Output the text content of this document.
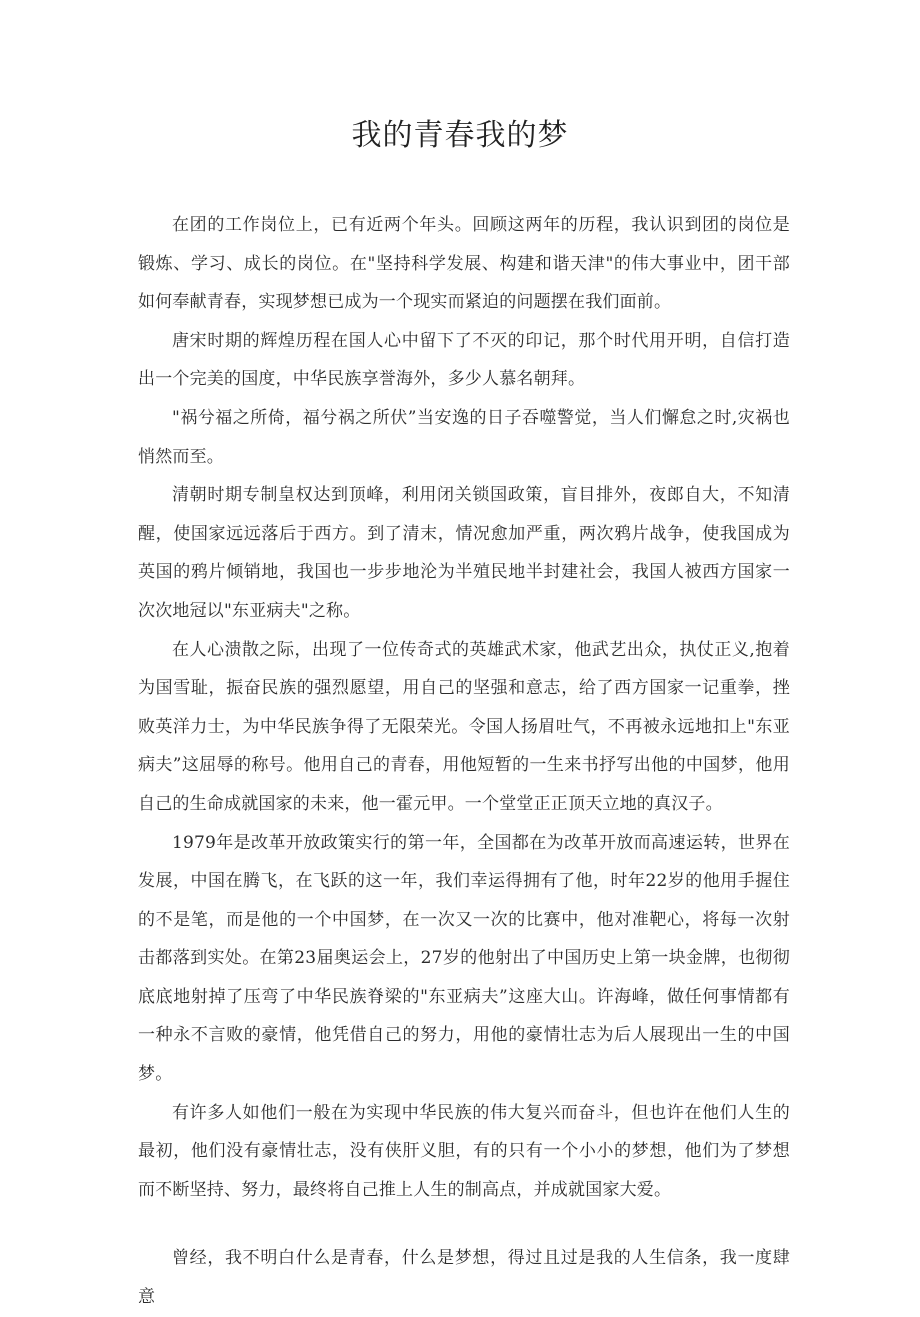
我的青春我的梦

在团的工作岗位上，已有近两个年头。回顾这两年的历程，我认识到团的岗位是锻炼、学习、成长的岗位。在"坚持科学发展、构建和谐天津"的伟大事业中，团干部如何奉献青春，实现梦想已成为一个现实而紧迫的问题摆在我们面前。

唐宋时期的辉煌历程在国人心中留下了不灭的印记，那个时代用开明，自信打造出一个完美的国度，中华民族享誉海外，多少人慕名朝拜。

"祸兮福之所倚，福兮祸之所伏”当安逸的日子吞噬警觉，当人们懈怠之时,灾祸也悄然而至。

清朝时期专制皇权达到顶峰，利用闭关锁国政策，盲目排外，夜郎自大，不知清醒，使国家远远落后于西方。到了清末，情况愈加严重，两次鸦片战争，使我国成为英国的鸦片倾销地，我国也一步步地沦为半殖民地半封建社会，我国人被西方国家一次次地冠以"东亚病夫"之称。

在人心溃散之际，出现了一位传奇式的英雄武术家，他武艺出众，执仗正义,抱着为国雪耻，振奋民族的强烈愿望，用自己的坚强和意志，给了西方国家一记重拳，挫败英洋力士，为中华民族争得了无限荣光。令国人扬眉吐气，不再被永远地扣上"东亚病夫”这屈辱的称号。他用自己的青春，用他短暂的一生来书抒写出他的中国梦，他用自己的生命成就国家的未来，他一霍元甲。一个堂堂正正顶天立地的真汉子。

1979年是改革开放政策实行的第一年，全国都在为改革开放而高速运转，世界在发展，中国在腾飞，在飞跃的这一年，我们幸运得拥有了他，时年22岁的他用手握住的不是笔，而是他的一个中国梦，在一次又一次的比赛中，他对准靶心，将每一次射击都落到实处。在第23届奥运会上，27岁的他射出了中国历史上第一块金牌，也彻彻底底地射掉了压弯了中华民族脊梁的"东亚病夫”这座大山。许海峰，做任何事情都有一种永不言败的豪情，他凭借自己的努力，用他的豪情壮志为后人展现出一生的中国梦。

有许多人如他们一般在为实现中华民族的伟大复兴而奋斗，但也许在他们人生的最初，他们没有豪情壮志，没有侠肝义胆，有的只有一个小小的梦想，他们为了梦想而不断坚持、努力，最终将自己推上人生的制高点，并成就国家大爱。

曾经，我不明白什么是青春，什么是梦想，得过且过是我的人生信条，我一度肆意
